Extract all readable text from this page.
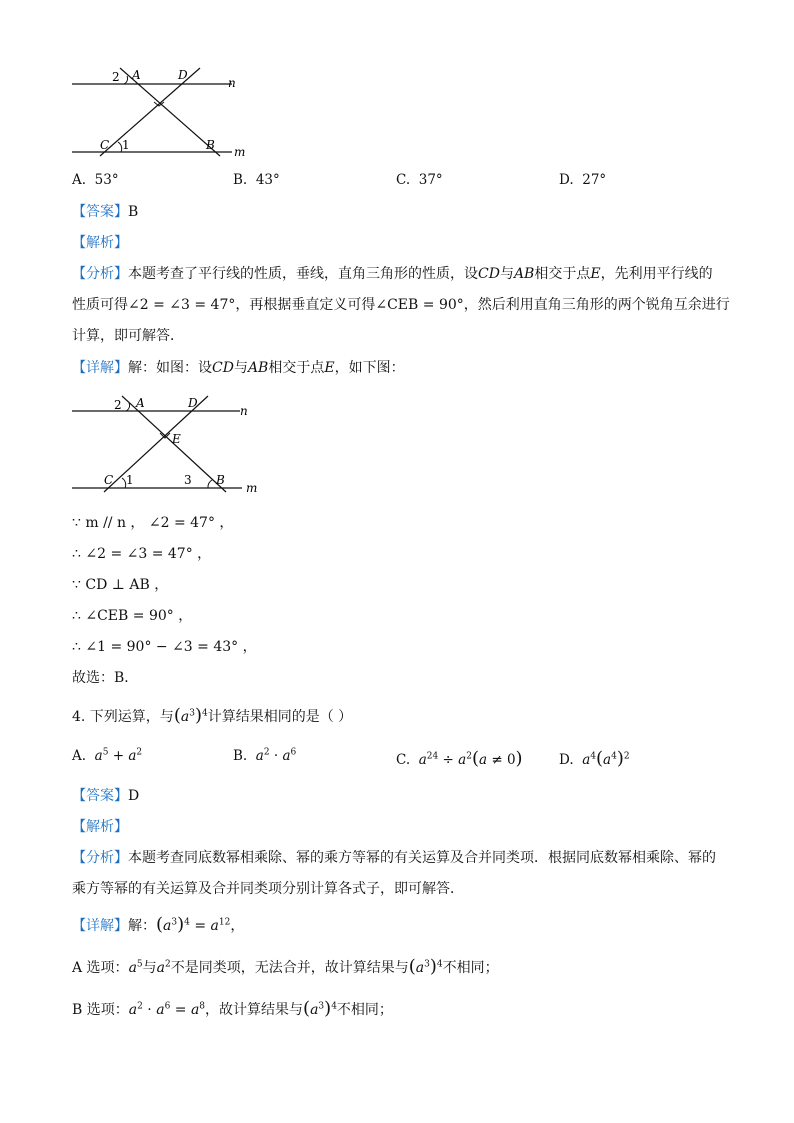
2 A	D
n
C 1	B m
A. 53°	B. 43°	C. 37°	D. 27°
【答案】B
【解析】
【分析】本题考查了平行线的性质，垂线，直角三角形的性质，设CD与AB相交于点E，先利用平行线的
性质可得∠2 = ∠3 = 47°，再根据垂直定义可得∠CEB = 90°，然后利用直角三角形的两个锐角互余进行
计算，即可解答．
【详解】解：如图：设CD与AB相交于点E，如下图：
2 A	D
n
E
C 1	3 B
m
∵ m // n ， ∠2 = 47° ，
∴ ∠2 = ∠3 = 47° ，
∵ CD ⊥ AB ，
∴ ∠CEB = 90° ，
∴ ∠1 = 90° − ∠3 = 43° ，
故选：B．
4. 下列运算，与$(a^3)^4$计算结果相同的是（ ）
A.  $a^5 + a^2$	B.  $a^2 \cdot a^6$	C.  $a^{24} \div a^2(a \ne 0)$	D.  $a^4(a^4)^2$
【答案】D
【解析】
【分析】本题考查同底数幂相乘除、幂的乘方等幂的有关运算及合并同类项．根据同底数幂相乘除、幂的
乘方等幂的有关运算及合并同类项分别计算各式子，即可解答．
【详解】解：$(a^3)^4 = a^{12}$，
A 选项：$a^5$与$a^2$不是同类项，无法合并，故计算结果与$(a^3)^4$不相同；
B 选项：$a^2 \cdot a^6 = a^8$，故计算结果与$(a^3)^4$不相同；
